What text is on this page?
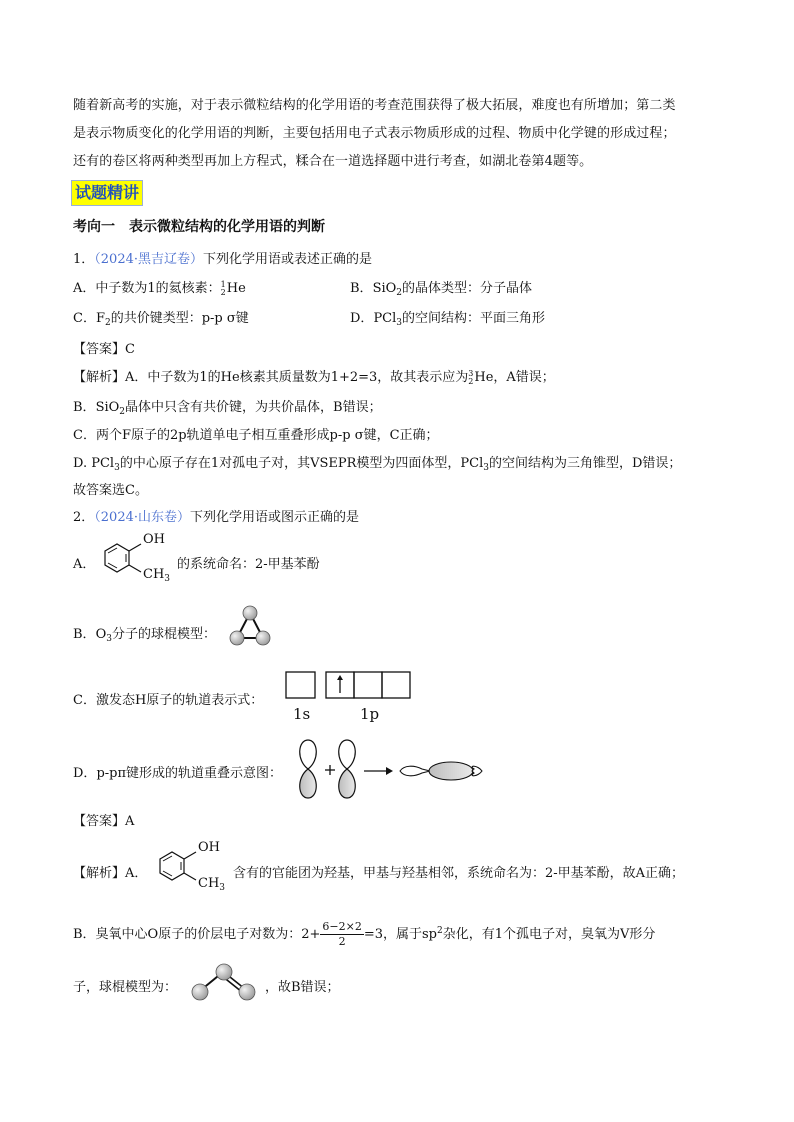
随着新高考的实施，对于表示微粒结构的化学用语的考查范围获得了极大拓展，难度也有所增加；第二类
是表示物质变化的化学用语的判断，主要包括用电子式表示物质形成的过程、物质中化学键的形成过程；
还有的卷区将两种类型再加上方程式，糅合在一道选择题中进行考查，如湖北卷第4题等。
试题精讲
考向一　表示微粒结构的化学用语的判断
1．（2024·黑吉辽卷）下列化学用语或表述正确的是
A．中子数为1的氦核素：1
2He	B．SiO$_2$的晶体类型：分子晶体
C．$F_2$的共价键类型：p-p σ键	D．PCl$_3$的空间结构：平面三角形
【答案】C
【解析】A．中子数为1的He核素其质量数为1+2=3，故其表示应为3
2He，A错误；
B．SiO$_2$晶体中只含有共价键，为共价晶体，B错误；
C．两个F原子的2p轨道单电子相互重叠形成p-p σ键，C正确；
D. PCl$_3$的中心原子存在1对孤电子对，其VSEPR模型为四面体型，PCl$_3$的空间结构为三角锥型，D错误；
故答案选C。
2．（2024·山东卷）下列化学用语或图示正确的是
A．
OH
$CH_3$
的系统命名：2-甲基苯酚
B．$O_3$分子的球棍模型：
C．激发态H原子的轨道表示式：
1s	1p
D．p-pπ键形成的轨道重叠示意图：
【答案】A
【解析】A．
OH
$CH_3$
含有的官能团为羟基，甲基与羟基相邻，系统命名为：2-甲基苯酚，故A正确；
B．臭氧中心O原子的价层电子对数为：$2+ \frac{6-2\times 2}{2} =3$，属于$sp^2$杂化，有1个孤电子对，臭氧为V形分
子，球棍模型为：	，故B错误；
